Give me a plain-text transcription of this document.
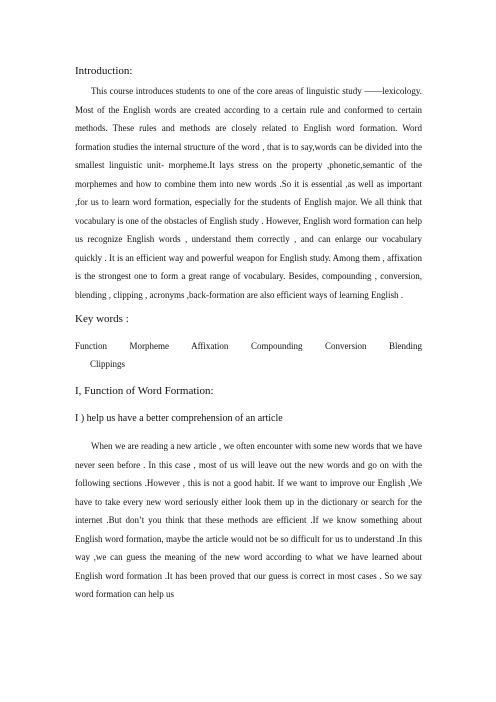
Introduction:

This course introduces students to one of the core areas of linguistic study ——lexicology. Most of the English words are created according to a certain rule and conformed to certain methods. These rules and methods are closely related to English word formation. Word formation studies the internal structure of the word , that is to say,words can be divided into the smallest linguistic unit- morpheme.It lays stress on the property ,phonetic,semantic of the morphemes and how to combine them into new words .So it is essential ,as well as important ,for us to learn word formation, especially for the students of English major. We all think that vocabulary is one of the obstacles of English study . However, English word formation can help us recognize English words , understand them correctly , and can enlarge our vocabulary quickly . It is an efficient way and powerful weapon for English study. Among them , affixation is the strongest one to form a great range of vocabulary. Besides, compounding , conversion, blending , clipping , acronyms ,back-formation are also efficient ways of learning English .

Key words :

Function	Morpheme Affixation	Compounding	Conversion	Blending

Clippings

I, Function of Word Formation:
I ) help us have a better comprehension of an article

When we are reading a new article , we often encounter with some new words that we have never seen before . In this case , most of us will leave out the new words and go on with the following sections .However , this is not a good habit. If we want to improve our English ,We have to take every new word seriously either look them up in the dictionary or search for the internet .But don’t you think that these methods are efficient .If we know something about English word formation, maybe the article would not be so difficult for us to understand .In this way ,we can guess the meaning of the new word according to what we have learned about English word formation .It has been proved that our guess is correct in most cases . So we say word formation can help us
